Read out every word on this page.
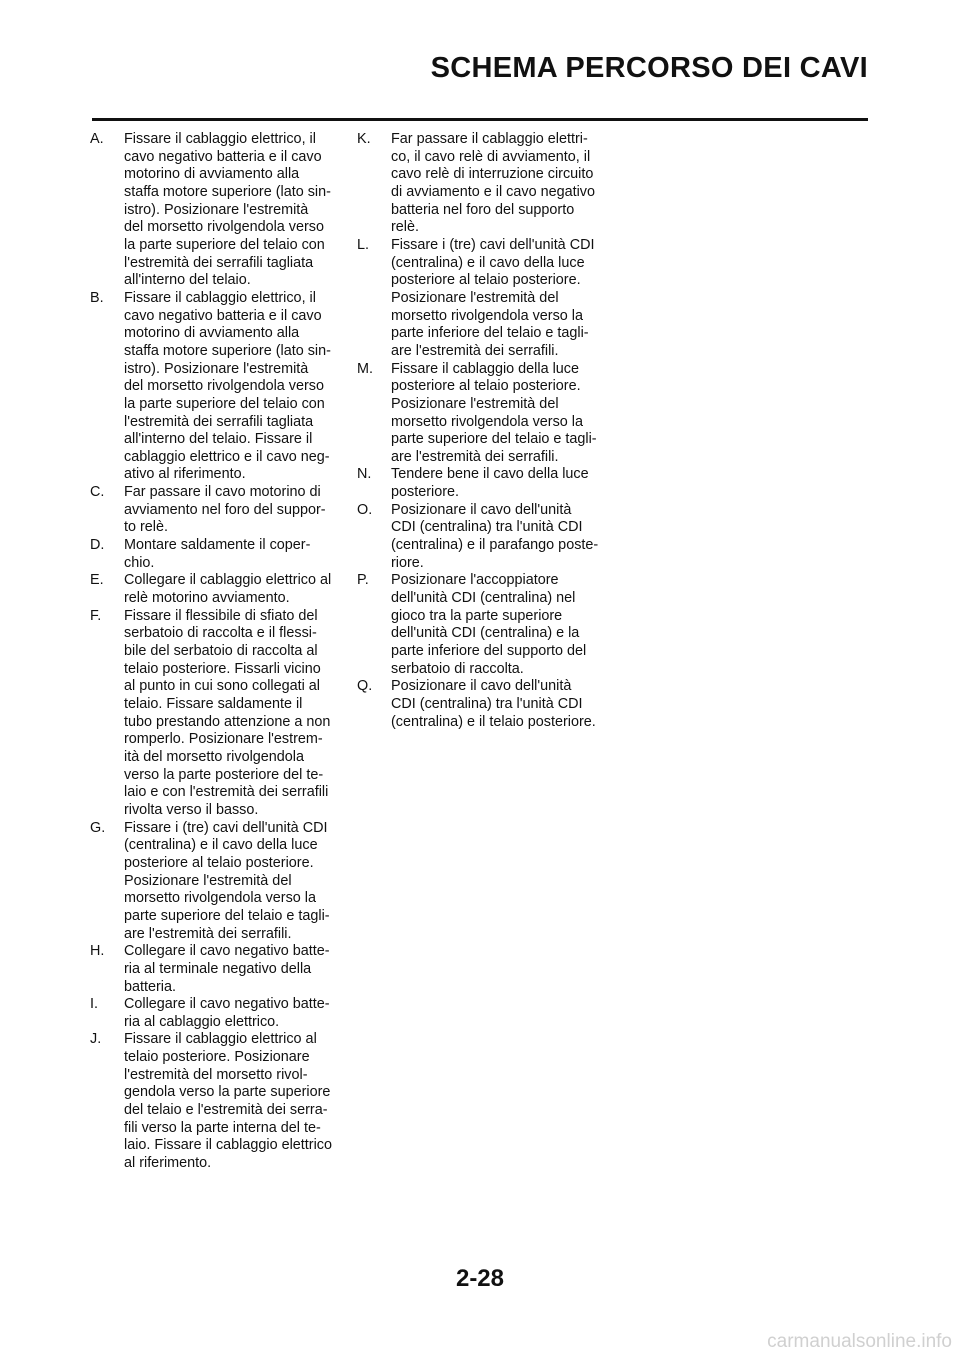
SCHEMA PERCORSO DEI CAVI
A.	Fissare il cablaggio elettrico, il
cavo negativo batteria e il cavo
motorino di avviamento alla
staffa motore superiore (lato sin-
istro). Posizionare l'estremità
del morsetto rivolgendola verso
la parte superiore del telaio con
l'estremità dei serrafili tagliata
all'interno del telaio.
B.	Fissare il cablaggio elettrico, il
cavo negativo batteria e il cavo
motorino di avviamento alla
staffa motore superiore (lato sin-
istro). Posizionare l'estremità
del morsetto rivolgendola verso
la parte superiore del telaio con
l'estremità dei serrafili tagliata
all'interno del telaio. Fissare il
cablaggio elettrico e il cavo neg-
ativo al riferimento.
C.	Far passare il cavo motorino di
avviamento nel foro del suppor-
to relè.
D.	Montare saldamente il coper-
chio.
E.	Collegare il cablaggio elettrico al
relè motorino avviamento.
F.	Fissare il flessibile di sfiato del
serbatoio di raccolta e il flessi-
bile del serbatoio di raccolta al
telaio posteriore. Fissarli vicino
al punto in cui sono collegati al
telaio. Fissare saldamente il
tubo prestando attenzione a non
romperlo. Posizionare l'estrem-
ità del morsetto rivolgendola
verso la parte posteriore del te-
laio e con l'estremità dei serrafili
rivolta verso il basso.
G.	Fissare i (tre) cavi dell'unità CDI
(centralina) e il cavo della luce
posteriore al telaio posteriore.
Posizionare l'estremità del
morsetto rivolgendola verso la
parte superiore del telaio e tagli-
are l'estremità dei serrafili.
H.	Collegare il cavo negativo batte-
ria al terminale negativo della
batteria.
I.	Collegare il cavo negativo batte-
ria al cablaggio elettrico.
J.	Fissare il cablaggio elettrico al
telaio posteriore. Posizionare
l'estremità del morsetto rivol-
gendola verso la parte superiore
del telaio e l'estremità dei serra-
fili verso la parte interna del te-
laio. Fissare il cablaggio elettrico
al riferimento.
K.	Far passare il cablaggio elettri-
co, il cavo relè di avviamento, il
cavo relè di interruzione circuito
di avviamento e il cavo negativo
batteria nel foro del supporto
relè.
L.	Fissare i (tre) cavi dell'unità CDI
(centralina) e il cavo della luce
posteriore al telaio posteriore.
Posizionare l'estremità del
morsetto rivolgendola verso la
parte inferiore del telaio e tagli-
are l'estremità dei serrafili.
M.	Fissare il cablaggio della luce
posteriore al telaio posteriore.
Posizionare l'estremità del
morsetto rivolgendola verso la
parte superiore del telaio e tagli-
are l'estremità dei serrafili.
N.	Tendere bene il cavo della luce
posteriore.
O.	Posizionare il cavo dell'unità
CDI (centralina) tra l'unità CDI
(centralina) e il parafango poste-
riore.
P.	Posizionare l'accoppiatore
dell'unità CDI (centralina) nel
gioco tra la parte superiore
dell'unità CDI (centralina) e la
parte inferiore del supporto del
serbatoio di raccolta.
Q.	Posizionare il cavo dell'unità
CDI (centralina) tra l'unità CDI
(centralina) e il telaio posteriore.
2-28
carmanualsonline.info
